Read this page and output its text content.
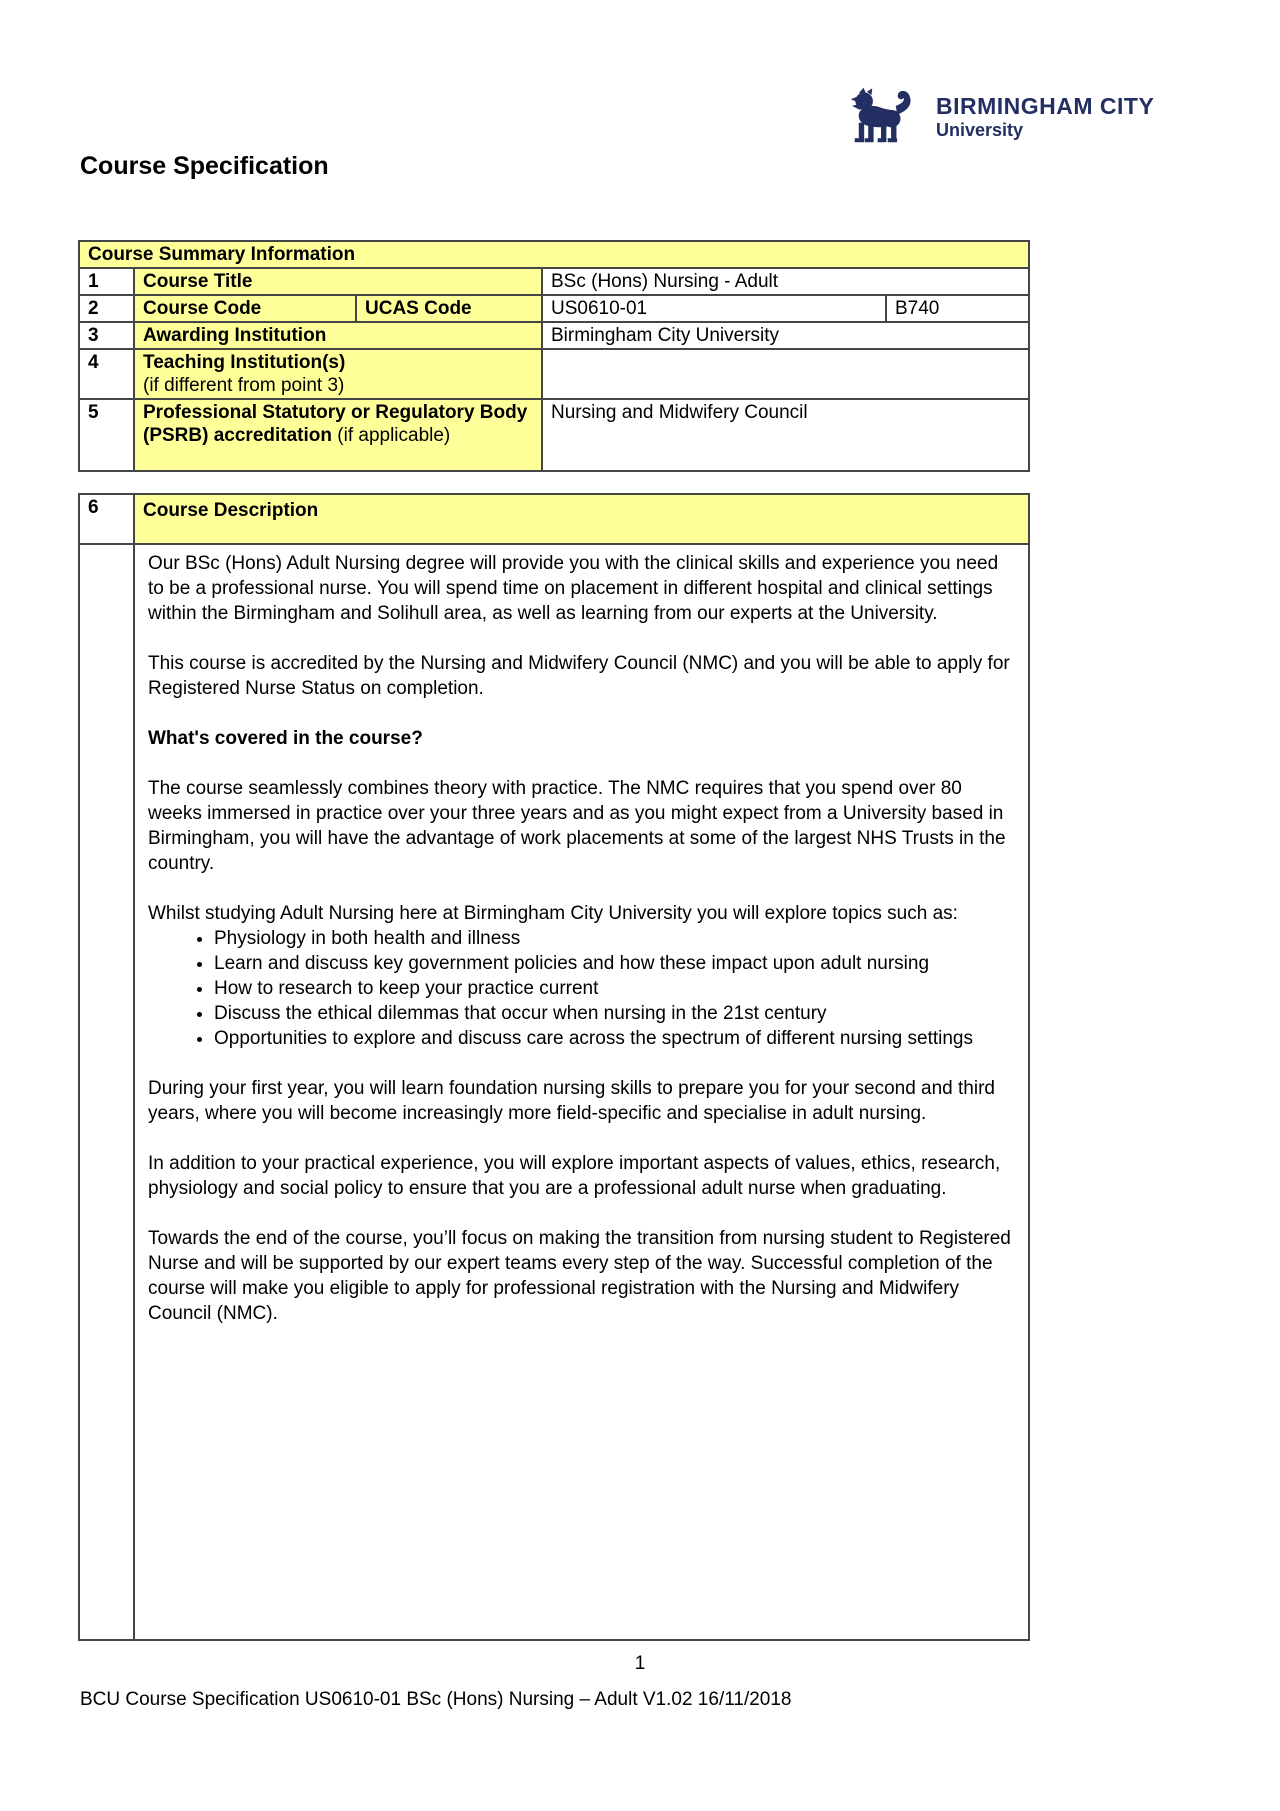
BIRMINGHAM CITY
University
Course Specification
Course Summary Information				
1	Course Title		BSc (Hons) Nursing - Adult	
2	Course Code	UCAS Code	US0610-01	B740
3	Awarding Institution		Birmingham City University	
4	Teaching Institution(s)
(if different from point 3)			

5	Professional Statutory or Regulatory Body (PSRB) accreditation (if applicable)		Nursing and Midwifery Council	
6	Course Description

Our BSc (Hons) Adult Nursing degree will provide you with the clinical skills and experience you need to be a professional nurse. You will spend time on placement in different hospital and clinical settings within the Birmingham and Solihull area, as well as learning from our experts at the University.

This course is accredited by the Nursing and Midwifery Council (NMC) and you will be able to apply for Registered Nurse Status on completion.

What's covered in the course?

The course seamlessly combines theory with practice. The NMC requires that you spend over 80 weeks immersed in practice over your three years and as you might expect from a University based in Birmingham, you will have the advantage of work placements at some of the largest NHS Trusts in the country.

Whilst studying Adult Nursing here at Birmingham City University you will explore topics such as:

• Physiology in both health and illness
• Learn and discuss key government policies and how these impact upon adult nursing
• How to research to keep your practice current
• Discuss the ethical dilemmas that occur when nursing in the 21st century
• Opportunities to explore and discuss care across the spectrum of different nursing settings

During your first year, you will learn foundation nursing skills to prepare you for your second and third years, where you will become increasingly more field-specific and specialise in adult nursing.

In addition to your practical experience, you will explore important aspects of values, ethics, research, physiology and social policy to ensure that you are a professional adult nurse when graduating.

Towards the end of the course, you’ll focus on making the transition from nursing student to Registered Nurse and will be supported by our expert teams every step of the way. Successful completion of the course will make you eligible to apply for professional registration with the Nursing and Midwifery Council (NMC).

1
BCU Course Specification US0610-01 BSc (Hons) Nursing – Adult V1.02 16/11/2018
